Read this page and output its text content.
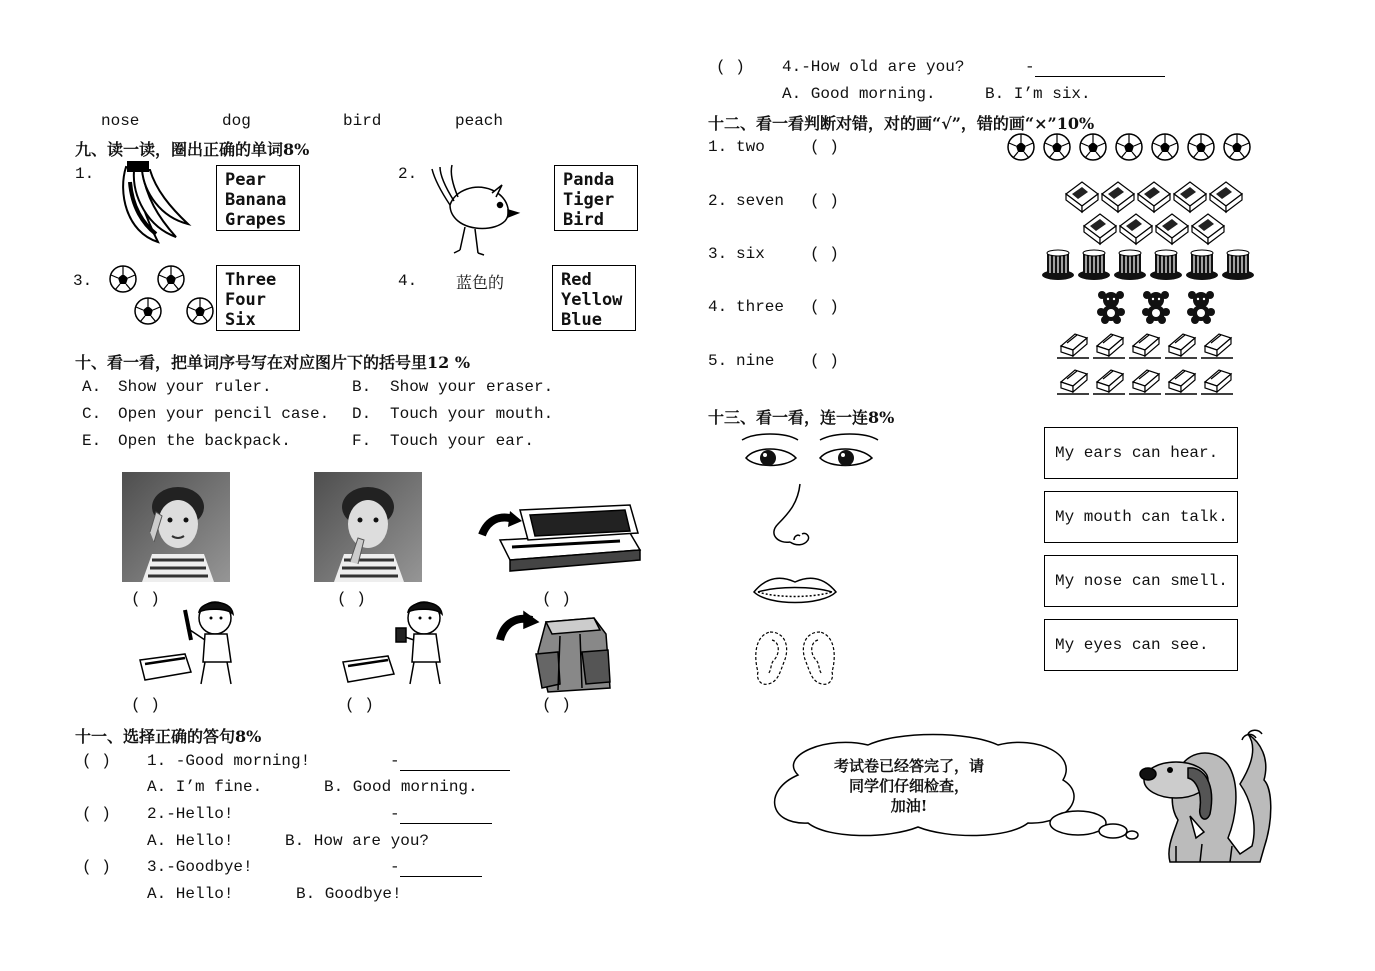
nose	dog	bird	peach
九、读一读，圈出正确的单词8%
1.	Pear
Banana
Grapes
2.	Panda
Tiger
Bird
3.	Three
Four
Six
4. 蓝色的	Red
Yellow
Blue
十、看一看，把单词序号写在对应图片下的括号里12 %
A. Show your ruler.	B. Show your eraser.
C. Open your pencil case. D. Touch your mouth.
E. Open the backpack.	F. Touch your ear.
( )	( )	( )
( )	( )	( )
十一、选择正确的答句8%
( ) 1. -Good morning!	-
A. I’m fine.	B. Good morning.
( ) 2.-Hello!	-
A. Hello!	B. How are you?
( ) 3.-Goodbye!	-
A. Hello!	B. Goodbye!
( ) 4.-How old are you?	-
A. Good morning.	B. I’m six.
十二、看一看判断对错，对的画“√”，错的画“×”10%
1. two	( )
2. seven ( )
3. six	( )
4. three ( )
5. nine ( )
十三、看一看，连一连8%
My ears can hear.
My mouth can talk.
My nose can smell.
My eyes can see.
考试卷已经答完了，请
同学们仔细检查，
加油!
